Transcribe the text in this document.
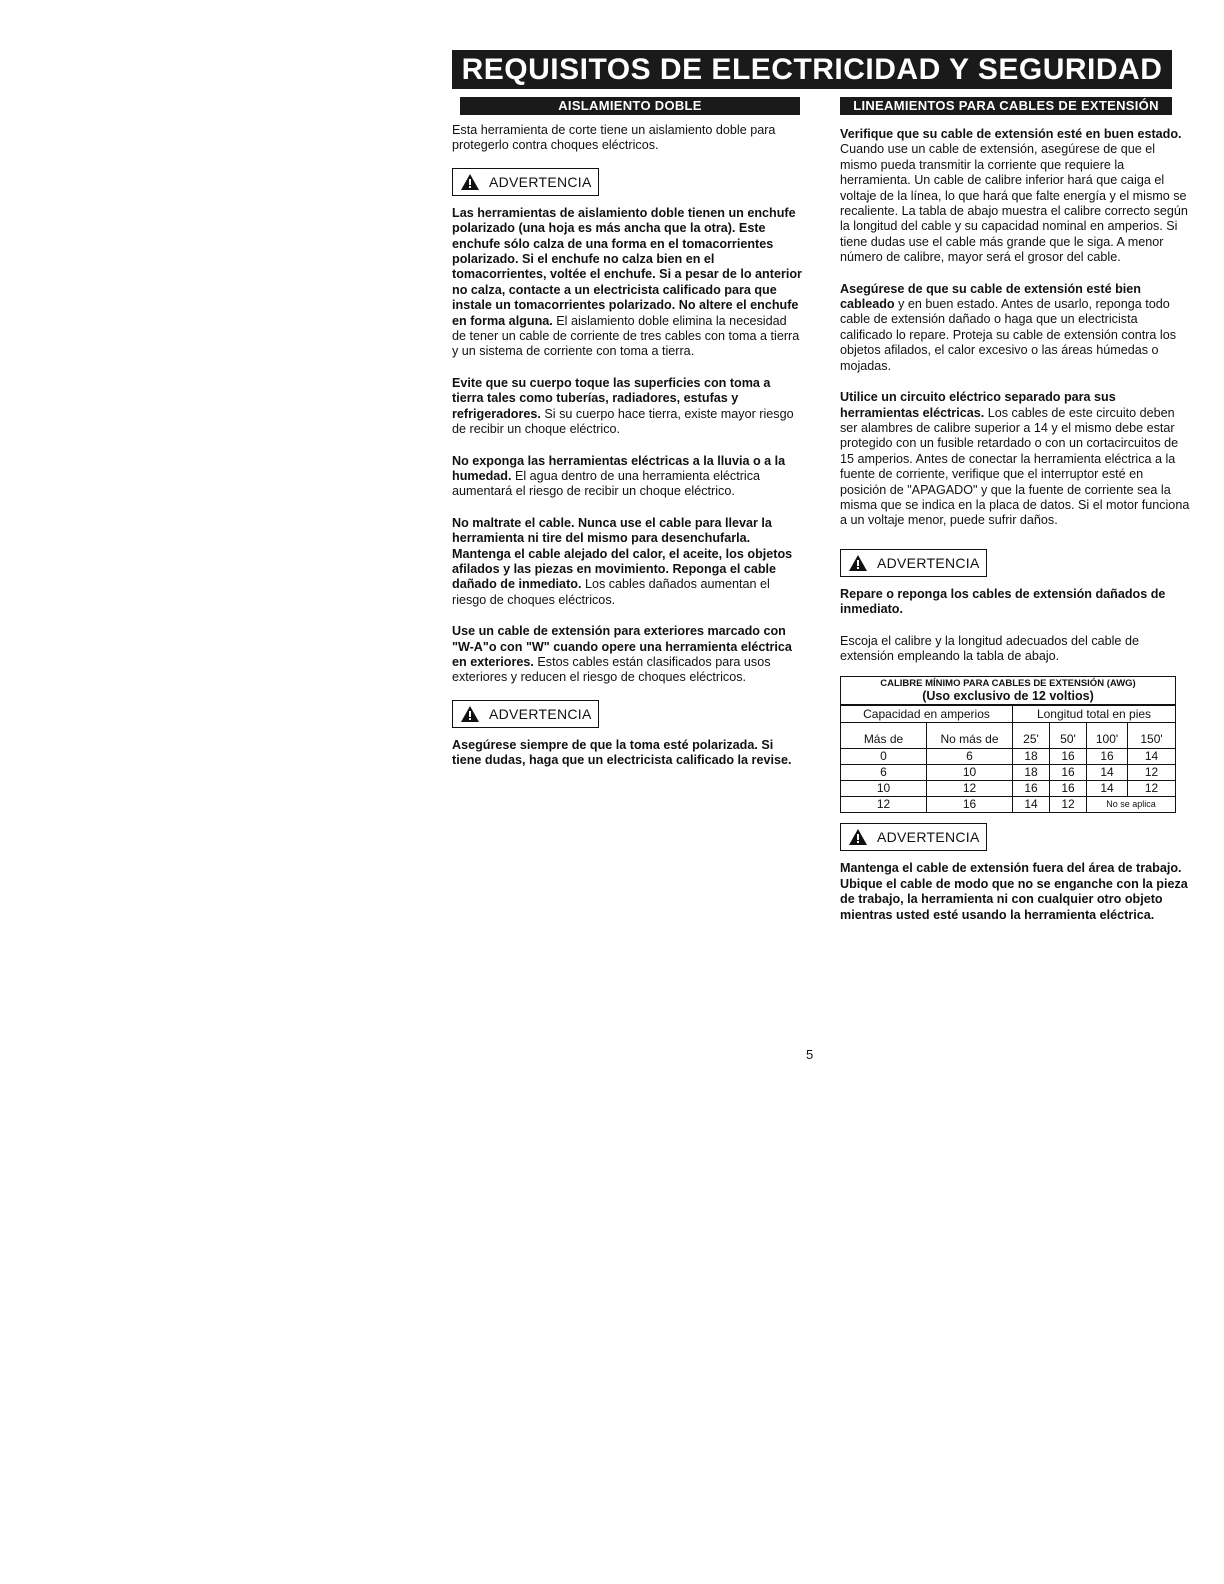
REQUISITOS DE ELECTRICIDAD Y SEGURIDAD
AISLAMIENTO DOBLE

Esta herramienta de corte tiene un aislamiento doble para protegerlo contra choques eléctricos.

ADVERTENCIA

Las herramientas de aislamiento doble tienen un enchufe polarizado (una hoja es más ancha que la otra). Este enchufe sólo calza de una forma en el tomacorrientes polarizado. Si el enchufe no calza bien en el tomacorrientes, voltée el enchufe. Si a pesar de lo anterior no calza, contacte a un electricista calificado para que instale un tomacorrientes polarizado. No altere el enchufe en forma alguna. El aislamiento doble elimina la necesidad de tener un cable de corriente de tres cables con toma a tierra y un sistema de corriente con toma a tierra.

Evite que su cuerpo toque las superficies con toma a tierra tales como tuberías, radiadores, estufas y refrigeradores. Si su cuerpo hace tierra, existe mayor riesgo de recibir un choque eléctrico.

No exponga las herramientas eléctricas a la lluvia o a la humedad. El agua dentro de una herramienta eléctrica aumentará el riesgo de recibir un choque eléctrico.

No maltrate el cable. Nunca use el cable para llevar la herramienta ni tire del mismo para desenchufarla. Mantenga el cable alejado del calor, el aceite, los objetos afilados y las piezas en movimiento. Reponga el cable dañado de inmediato. Los cables dañados aumentan el riesgo de choques eléctricos.

Use un cable de extensión para exteriores marcado con "W-A"o con "W" cuando opere una herramienta eléctrica en exteriores. Estos cables están clasificados para usos exteriores y reducen el riesgo de choques eléctricos.

ADVERTENCIA

Asegúrese siempre de que la toma esté polarizada. Si tiene dudas, haga que un electricista calificado la revise.

LINEAMIENTOS PARA CABLES DE EXTENSIÓN

Verifique que su cable de extensión esté en buen estado. Cuando use un cable de extensión, asegúrese de que el mismo pueda transmitir la corriente que requiere la herramienta. Un cable de calibre inferior hará que caiga el voltaje de la línea, lo que hará que falte energía y el mismo se recaliente. La tabla de abajo muestra el calibre correcto según la longitud del cable y su capacidad nominal en amperios. Si tiene dudas use el cable más grande que le siga. A menor número de calibre, mayor será el grosor del cable.

Asegúrese de que su cable de extensión esté bien cableado y en buen estado. Antes de usarlo, reponga todo cable de extensión dañado o haga que un electricista calificado lo repare. Proteja su cable de extensión contra los objetos afilados, el calor excesivo o las áreas húmedas o mojadas.

Utilice un circuito eléctrico separado para sus herramientas eléctricas. Los cables de este circuito deben ser alambres de calibre superior a 14 y el mismo debe estar protegido con un fusible retardado o con un cortacircuitos de 15 amperios. Antes de conectar la herramienta eléctrica a la fuente de corriente, verifique que el interruptor esté en posición de "APAGADO" y que la fuente de corriente sea la misma que se indica en la placa de datos. Si el motor funciona a un voltaje menor, puede sufrir daños.

ADVERTENCIA

Repare o reponga los cables de extensión dañados de inmediato.

Escoja el calibre y la longitud adecuados del cable de extensión empleando la tabla de abajo.

CALIBRE MÍNIMO PARA CABLES DE EXTENSIÓN (AWG)
(Uso exclusivo de 12 voltios)
Capacidad en amperios		Longitud total en pies			
Más de	No más de	25'	50'	100'	150'
0	6	18	16	16	14
6	10	18	16	14	12
10	12	16	16	14	12
12	16	14	12	No se aplica	
ADVERTENCIA

Mantenga el cable de extensión fuera del área de trabajo. Ubique el cable de modo que no se enganche con la pieza de trabajo, la herramienta ni con cualquier otro objeto mientras usted esté usando la herramienta eléctrica.

5
